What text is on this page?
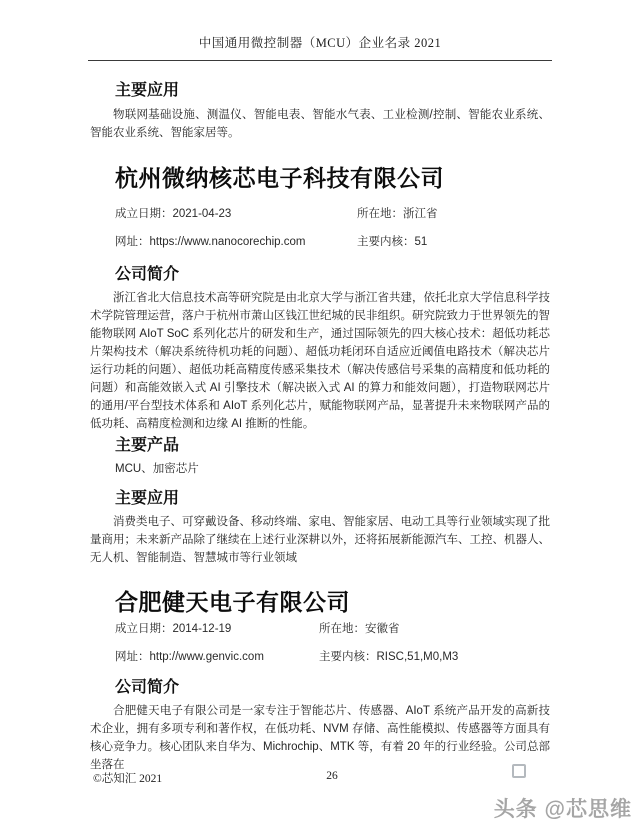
中国通用微控制器（MCU）企业名录 2021
主要应用

物联网基础设施、测温仪、智能电表、智能水气表、工业检测/控制、智能农业系统、智能农业系统、智能家居等。

杭州微纳核芯电子科技有限公司
成立日期：2021-04-23	所在地：浙江省
网址：https://www.nanocorechip.com	主要内核：51
公司简介

浙江省北大信息技术高等研究院是由北京大学与浙江省共建，依托北京大学信息科学技术学院管理运营，落户于杭州市萧山区钱江世纪城的民非组织。研究院致力于世界领先的智能物联网 AIoT SoC 系列化芯片的研发和生产，通过国际领先的四大核心技术：超低功耗芯片架构技术（解决系统待机功耗的问题）、超低功耗闭环自适应近阈值电路技术（解决芯片运行功耗的问题）、超低功耗高精度传感采集技术（解决传感信号采集的高精度和低功耗的问题）和高能效嵌入式 AI 引擎技术（解决嵌入式 AI 的算力和能效问题），打造物联网芯片的通用/平台型技术体系和 AIoT 系列化芯片，赋能物联网产品，显著提升未来物联网产品的低功耗、高精度检测和边缘 AI 推断的性能。

主要产品

MCU、加密芯片

主要应用

消费类电子、可穿戴设备、移动终端、家电、智能家居、电动工具等行业领域实现了批量商用；未来新产品除了继续在上述行业深耕以外，还将拓展新能源汽车、工控、机器人、无人机、智能制造、智慧城市等行业领域

合肥健天电子有限公司
成立日期：2014-12-19	所在地：安徽省
网址：http://www.genvic.com	主要内核：RISC,51,M0,M3
公司简介

合肥健天电子有限公司是一家专注于智能芯片、传感器、AIoT 系统产品开发的高新技术企业，拥有多项专利和著作权，在低功耗、NVM 存储、高性能模拟、传感器等方面具有核心竞争力。核心团队来自华为、Michrochip、MTK 等，有着 20 年的行业经验。公司总部坐落在

©芯知汇 2021	26
头条 @芯思维
